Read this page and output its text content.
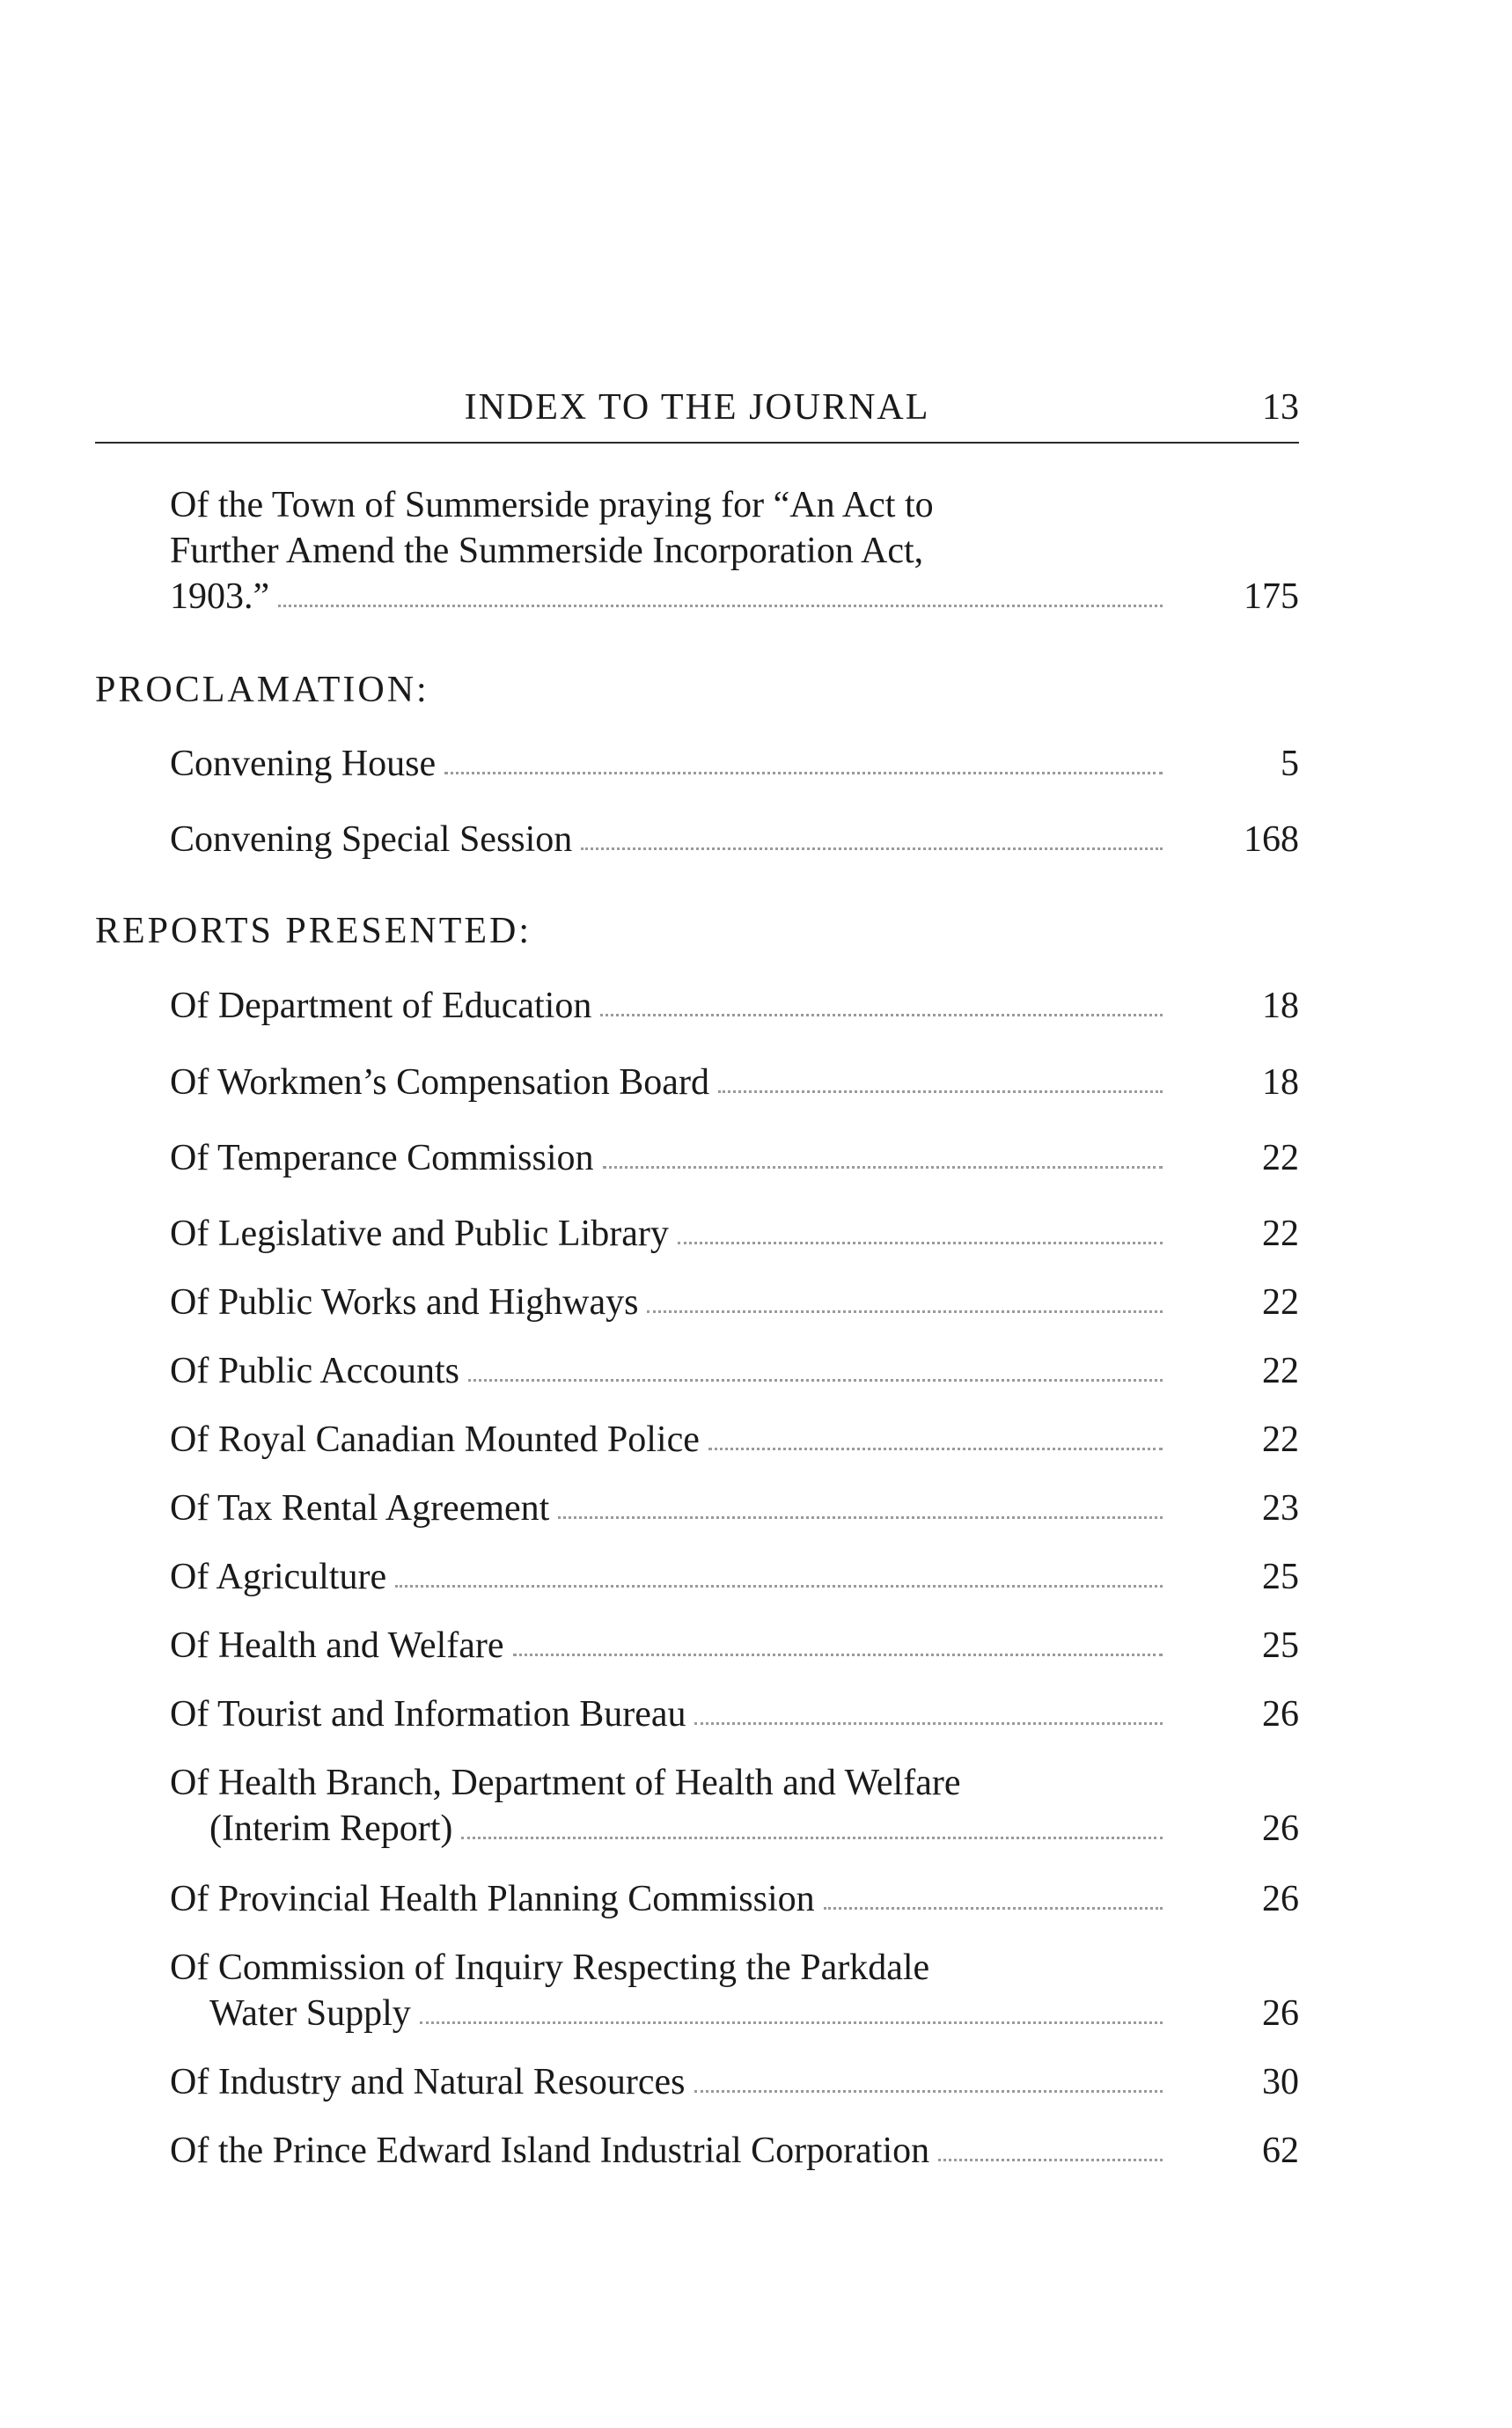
INDEX TO THE JOURNAL	13
Of the Town of Summerside praying for “An Act to
Further Amend the Summerside Incorporation Act,
1903.”	175
PROCLAMATION:
Convening House	5
Convening Special Session	168
REPORTS PRESENTED:
Of Department of Education	18
Of Workmen’s Compensation Board	18
Of Temperance Commission	22
Of Legislative and Public Library	22
Of Public Works and Highways	22
Of Public Accounts	22
Of Royal Canadian Mounted Police	22
Of Tax Rental Agreement	23
Of Agriculture	25
Of Health and Welfare	25
Of Tourist and Information Bureau	26
Of Health Branch, Department of Health and Welfare
(Interim Report)	26
Of Provincial Health Planning Commission	26
Of Commission of Inquiry Respecting the Parkdale
Water Supply	26
Of Industry and Natural Resources	30
Of the Prince Edward Island Industrial Corporation	62
